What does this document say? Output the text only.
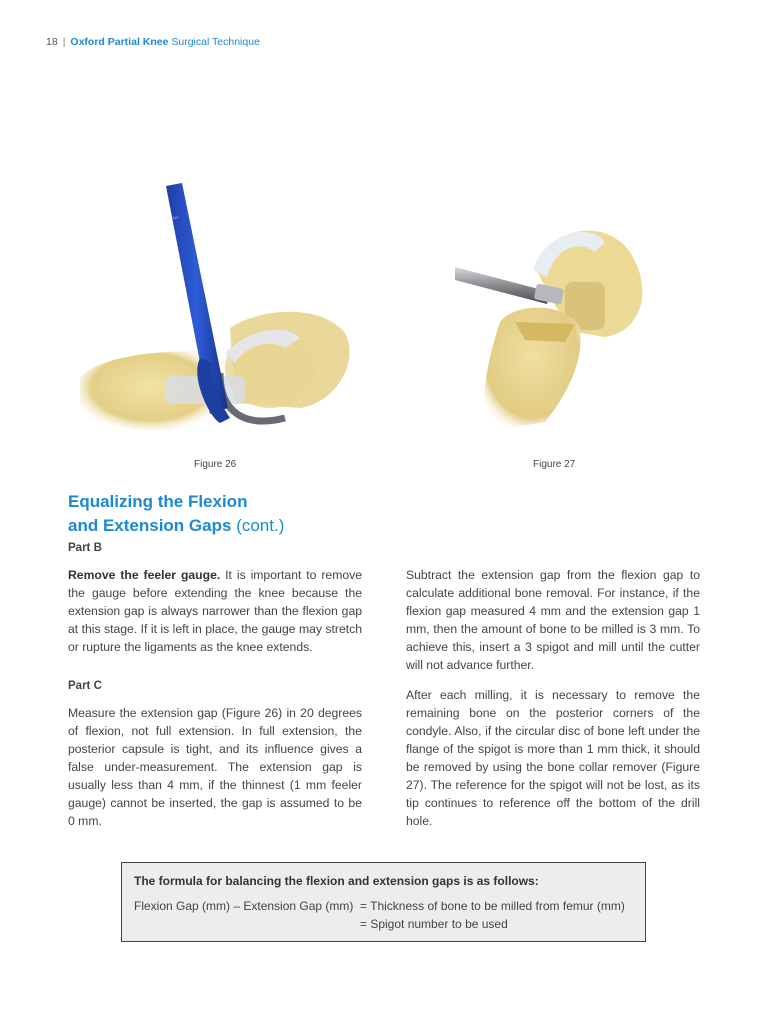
18 | Oxford Partial Knee Surgical Technique
3
Figure 26	Figure 27
Equalizing the Flexion
and Extension Gaps (cont.)
Part B
Remove the feeler gauge. It is important to remove the gauge before extending the knee because the extension gap is always narrower than the flexion gap at this stage. If it is left in place, the gauge may stretch or rupture the ligaments as the knee extends.
Part C
Measure the extension gap (Figure 26) in 20 degrees of flexion, not full extension. In full extension, the posterior capsule is tight, and its influence gives a false under-measurement. The extension gap is usually less than 4 mm, if the thinnest (1 mm feeler gauge) cannot be inserted, the gap is assumed to be 0 mm.
Subtract the extension gap from the flexion gap to calculate additional bone removal. For instance, if the flexion gap measured 4 mm and the extension gap 1 mm, then the amount of bone to be milled is 3 mm. To achieve this, insert a 3 spigot and mill until the cutter will not advance further.
After each milling, it is necessary to remove the remaining bone on the posterior corners of the condyle. Also, if the circular disc of bone left under the flange of the spigot is more than 1 mm thick, it should be removed by using the bone collar remover (Figure 27). The reference for the spigot will not be lost, as its tip continues to reference off the bottom of the drill hole.
The formula for balancing the flexion and extension gaps is as follows:
Flexion Gap (mm) – Extension Gap (mm) = Thickness of bone to be milled from femur (mm)
= Spigot number to be used
